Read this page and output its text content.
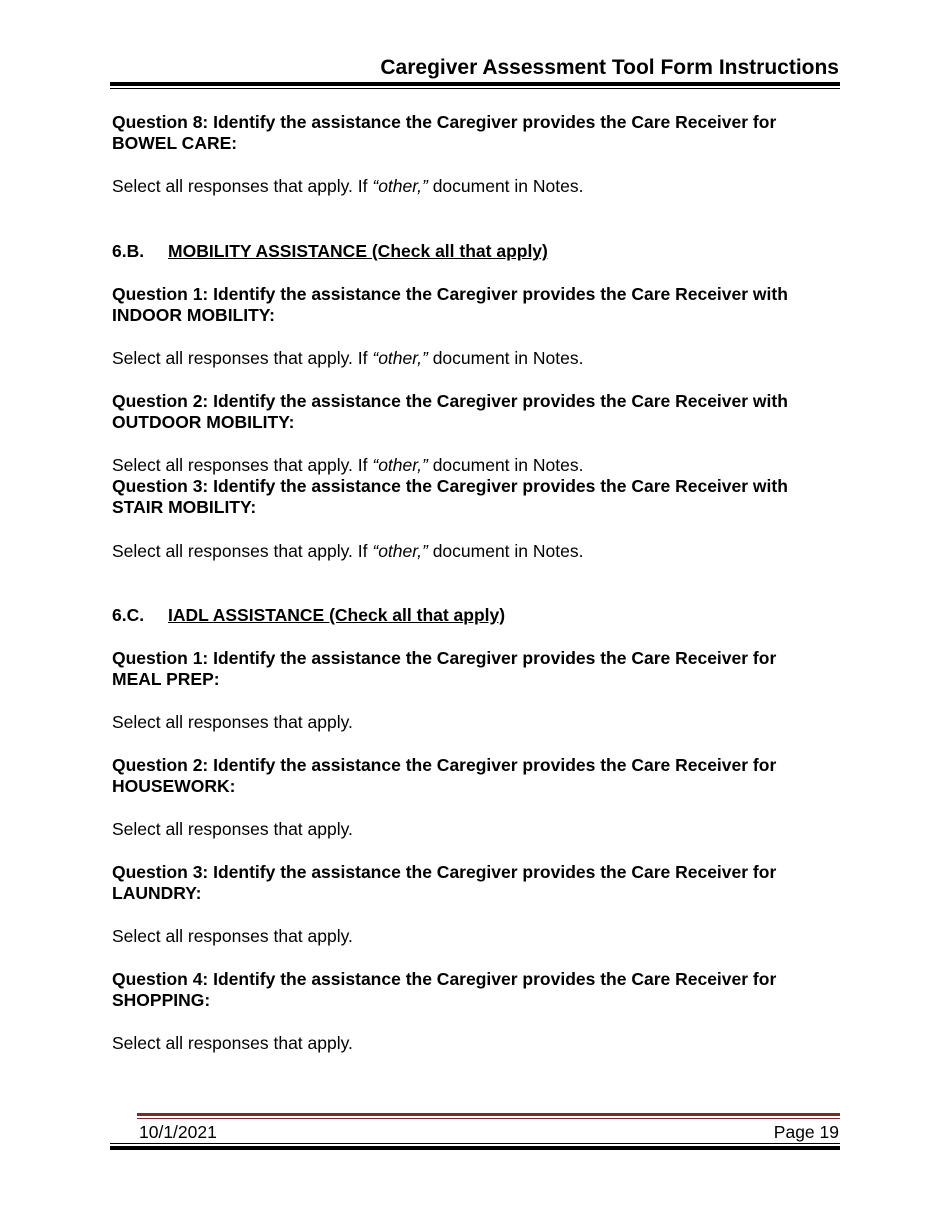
Caregiver Assessment Tool Form Instructions
Question 8: Identify the assistance the Caregiver provides the Care Receiver for
BOWEL CARE:
Select all responses that apply. If “other,” document in Notes.
6.B. MOBILITY ASSISTANCE (Check all that apply)
Question 1: Identify the assistance the Caregiver provides the Care Receiver with
INDOOR MOBILITY:
Select all responses that apply. If “other,” document in Notes.
Question 2: Identify the assistance the Caregiver provides the Care Receiver with
OUTDOOR MOBILITY:
Select all responses that apply. If “other,” document in Notes.
Question 3: Identify the assistance the Caregiver provides the Care Receiver with
STAIR MOBILITY:
Select all responses that apply. If “other,” document in Notes.
6.C. IADL ASSISTANCE (Check all that apply)
Question 1: Identify the assistance the Caregiver provides the Care Receiver for
MEAL PREP:
Select all responses that apply.
Question 2: Identify the assistance the Caregiver provides the Care Receiver for
HOUSEWORK:
Select all responses that apply.
Question 3: Identify the assistance the Caregiver provides the Care Receiver for
LAUNDRY:
Select all responses that apply.
Question 4: Identify the assistance the Caregiver provides the Care Receiver for
SHOPPING:
Select all responses that apply.
10/1/2021	Page 19
